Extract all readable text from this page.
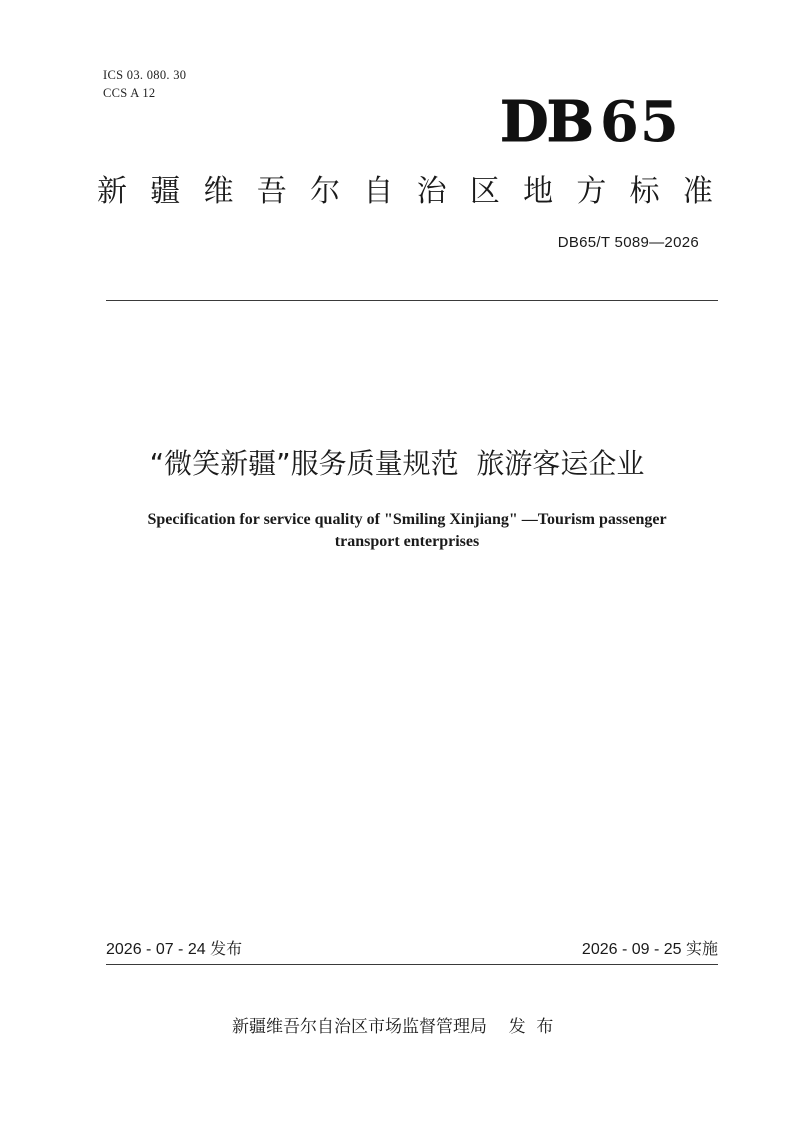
ICS 03. 080. 30
CCS A 12	DB 65
新 疆 维 吾 尔 自 治 区 地 方 标 准
DB65/T 5089—2026
“微笑新疆”服务质量规范  旅游客运企业
Specification for service quality of "Smiling Xinjiang" —Tourism passenger
transport enterprises
2026 - 07 - 24 发布	2026 - 09 - 25 实施
新疆维吾尔自治区市场监督管理局    发  布
